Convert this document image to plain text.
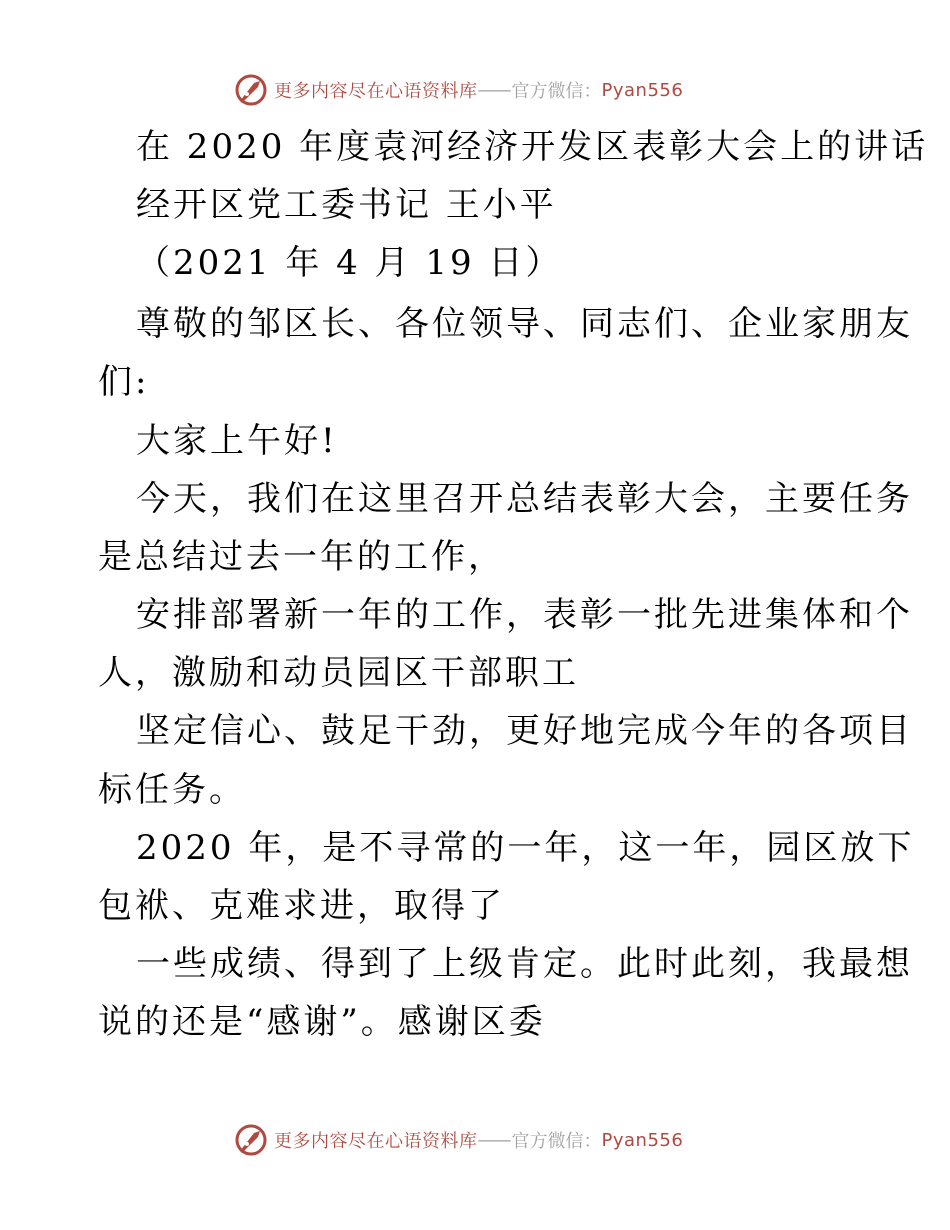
更多内容尽在心语资料库 —— 官方微信： Pyan556
在 2020 年度袁河经济开发区表彰大会上的讲话
经开区党工委书记 王小平
（2021 年 4 月 19 日）
尊敬的邹区长、各位领导、同志们、企业家朋友
们:
大家上午好!
今天，我们在这里召开总结表彰大会，主要任务
是总结过去一年的工作，
安排部署新一年的工作，表彰一批先进集体和个
人，激励和动员园区干部职工
坚定信心、鼓足干劲，更好地完成今年的各项目
标任务。
2020 年，是不寻常的一年，这一年，园区放下
包袱、克难求进，取得了
一些成绩、得到了上级肯定。此时此刻，我最想
说的还是“感谢”。感谢区委
更多内容尽在心语资料库 —— 官方微信： Pyan556
